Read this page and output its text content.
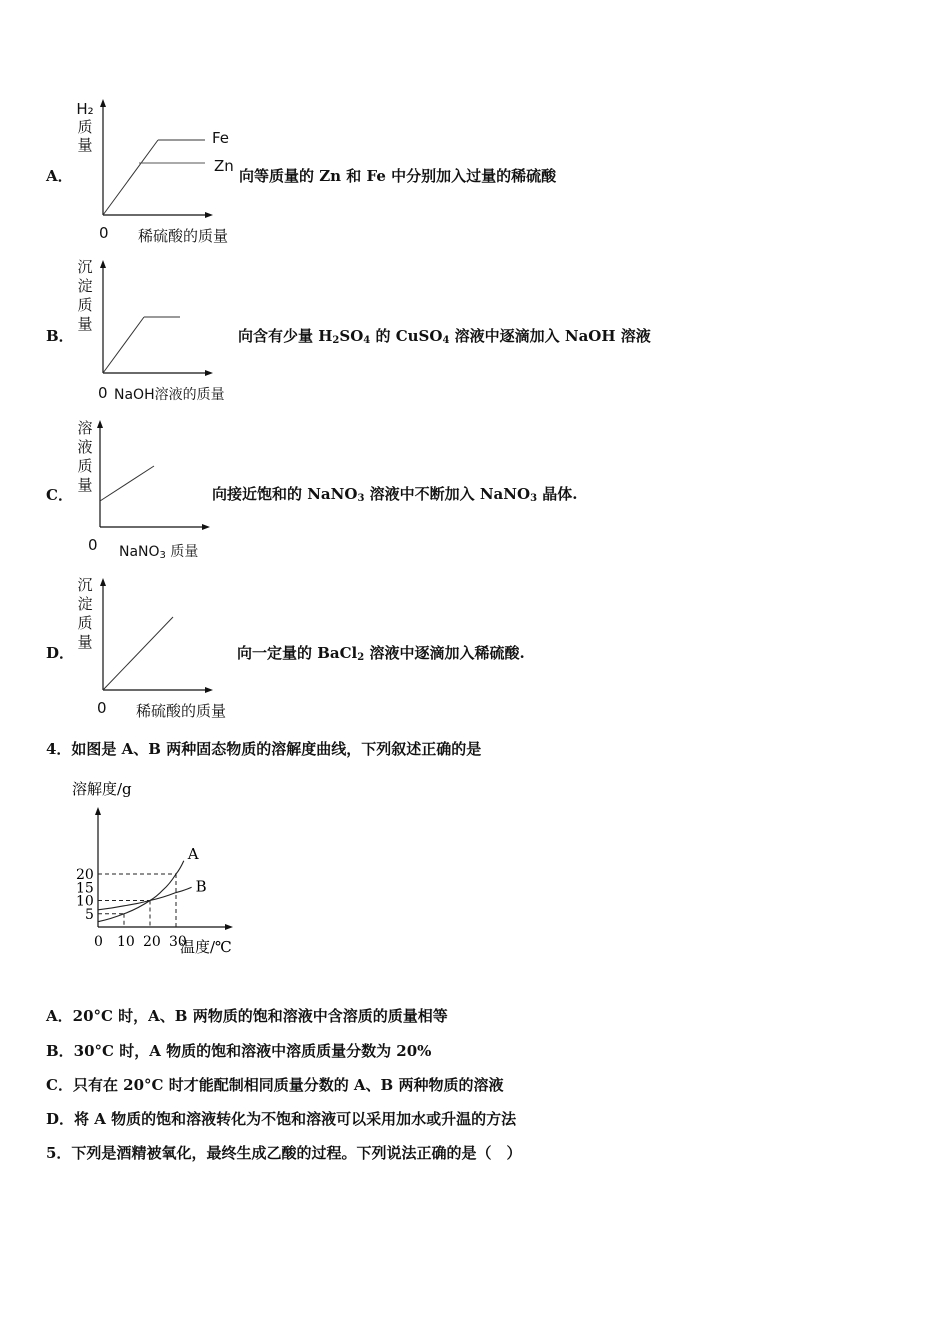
A．
H₂
质
量	Fe
Zn
0 稀硫酸的质量
向等质量的 Zn 和 Fe 中分别加入过量的稀硫酸
B．
沉
淀
质
量
0 NaOH溶液的质量
向含有少量 $H_2SO_4$ 的 CuSO$_4$ 溶液中逐滴加入 NaOH 溶液
C．
溶
液
质
量
0 NaNO$_3$ 质量
向接近饱和的 NaNO$_3$ 溶液中不断加入 NaNO$_3$ 晶体.
D．
沉
淀
质
量
0 稀硫酸的质量
向一定量的 BaCl$_2$ 溶液中逐滴加入稀硫酸.
4．如图是 A、B 两种固态物质的溶解度曲线，下列叙述正确的是
溶解度/g
温度/℃
A
B
0 10 20 30
5
10
15
20
A．20°C 时，A、B 两物质的饱和溶液中含溶质的质量相等
B．30°C 时，A 物质的饱和溶液中溶质质量分数为 20%
C．只有在 20°C 时才能配制相同质量分数的 A、B 两种物质的溶液
D．将 A 物质的饱和溶液转化为不饱和溶液可以采用加水或升温的方法
5．下列是酒精被氧化，最终生成乙酸的过程。下列说法正确的是（　）
